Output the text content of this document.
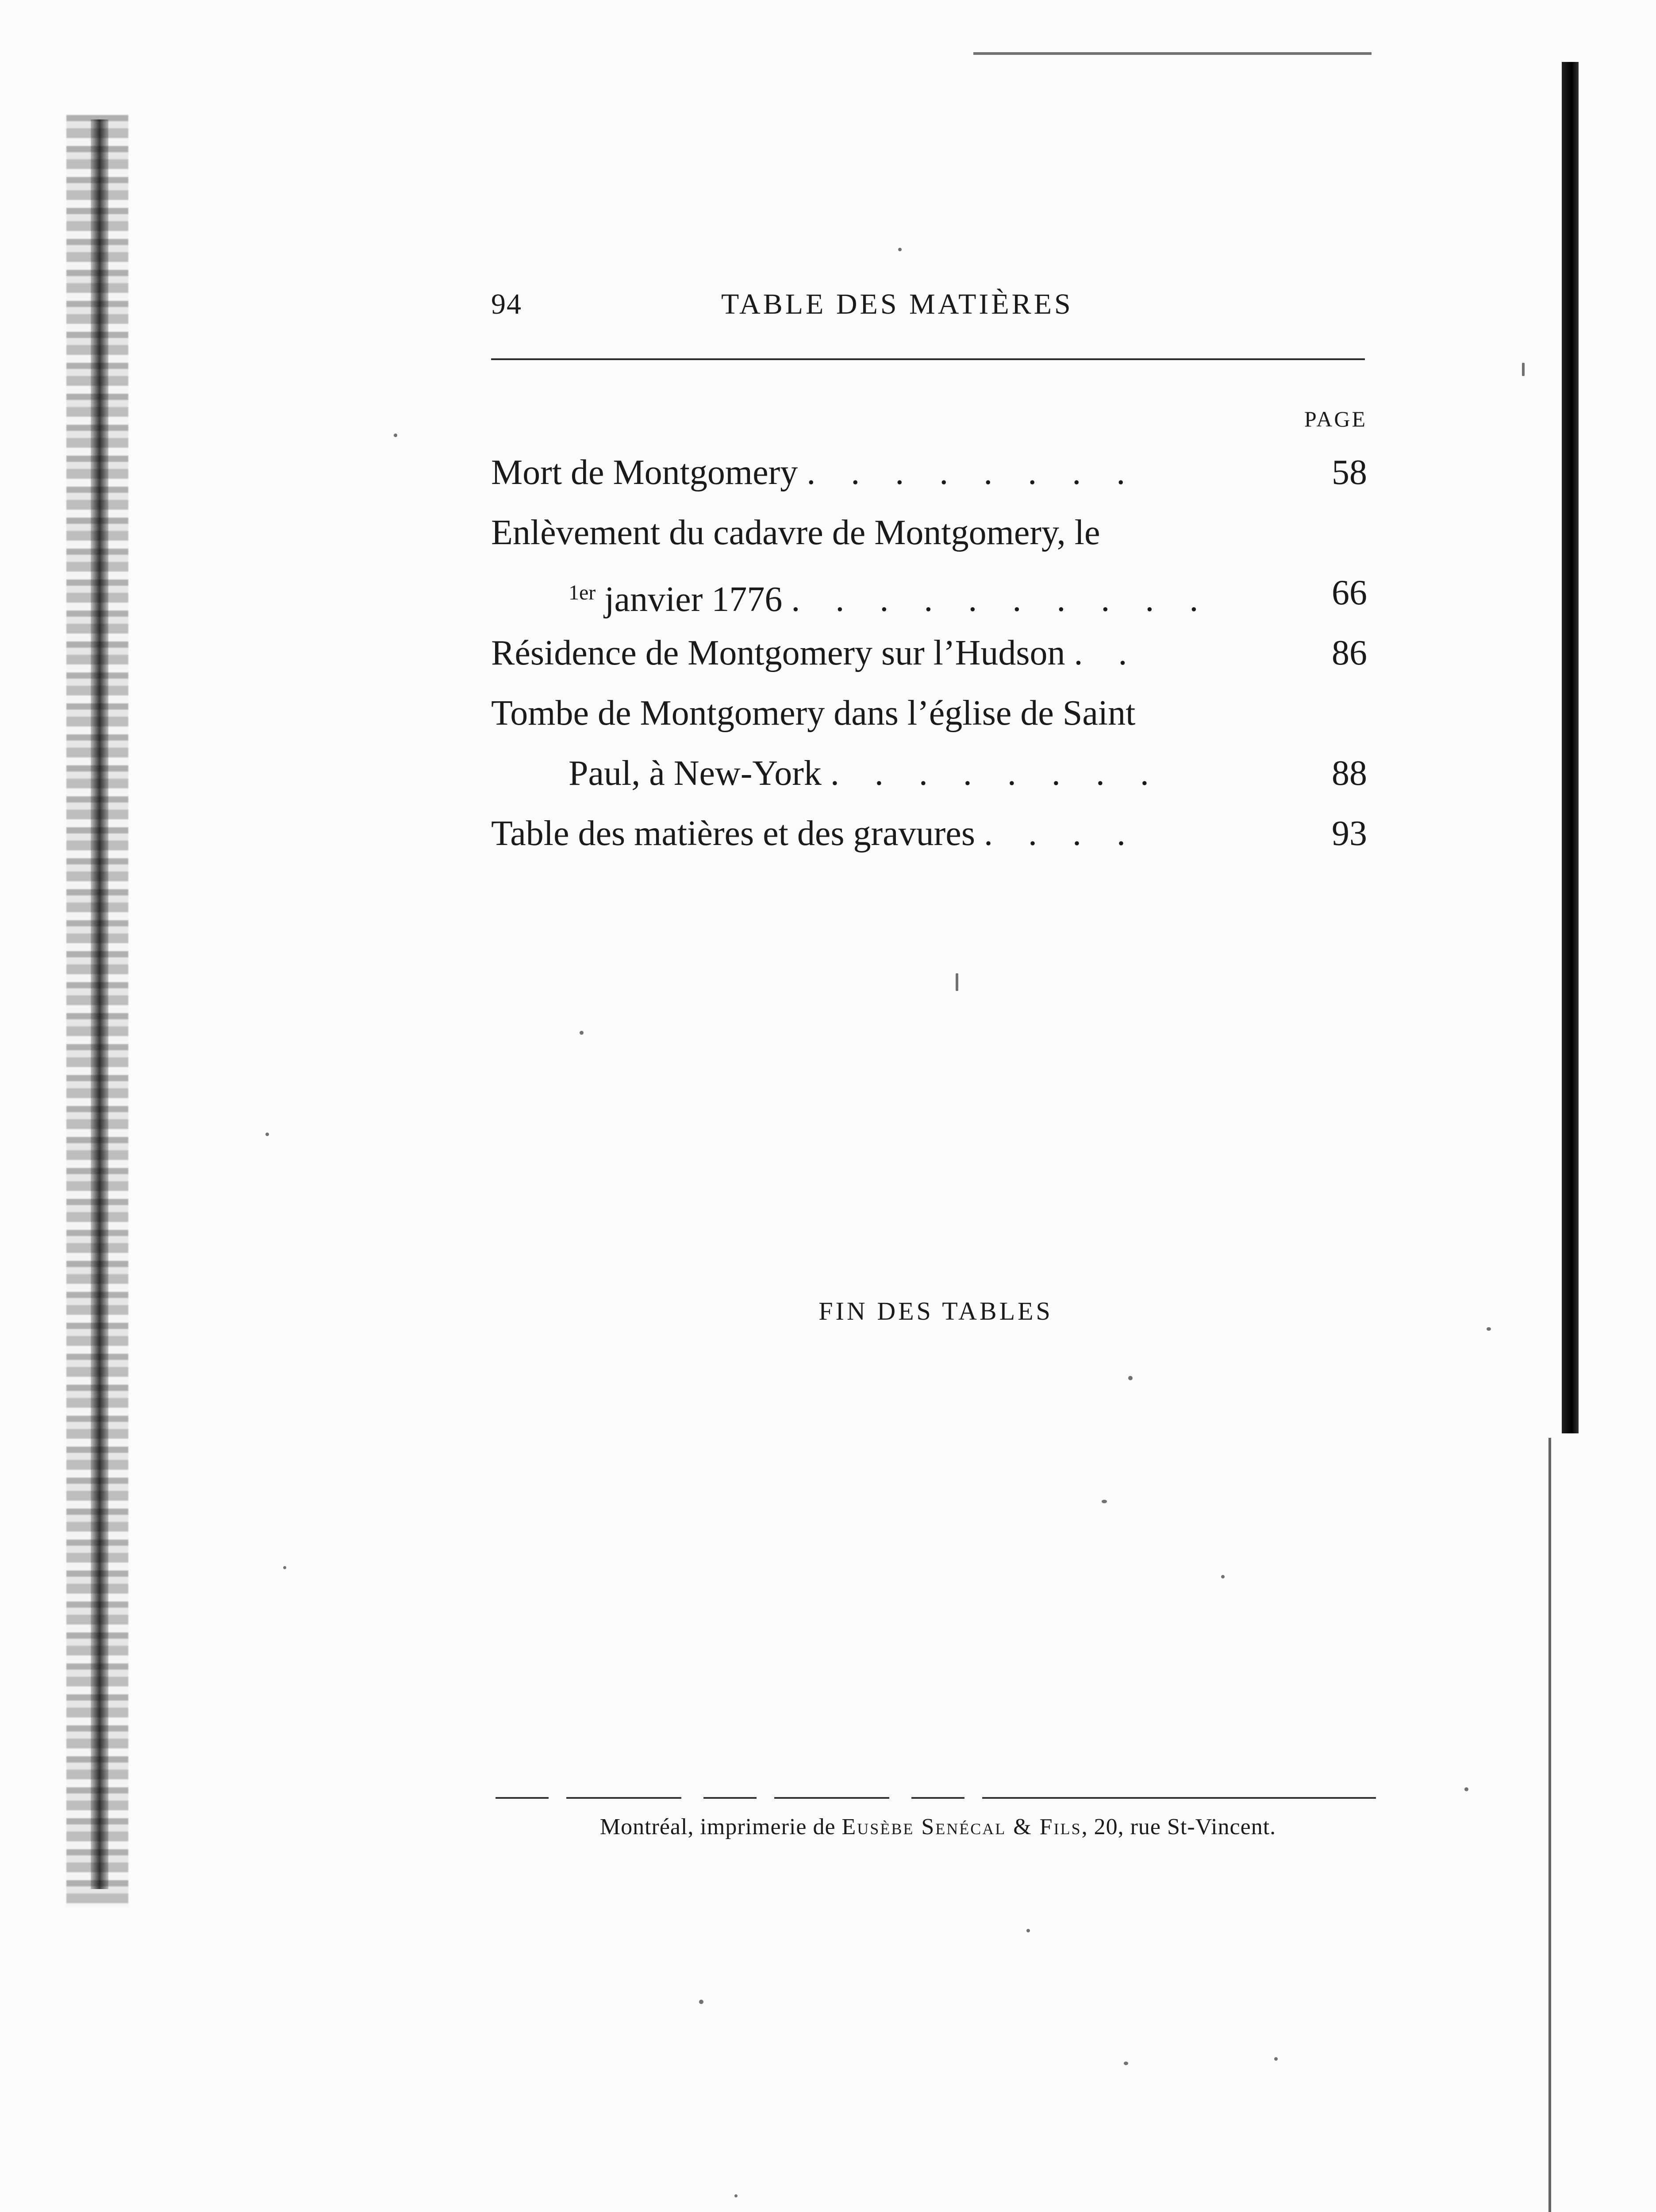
94	TABLE DES MATIÈRES
PAGE
Mort de Montgomery . . . . . . . .	58
Enlèvement du cadavre de Montgomery, le
$^{1er}$ janvier 1776 . . . . . . . . . .	66
Résidence de Montgomery sur l’Hudson . .	86
Tombe de Montgomery dans l’église de Saint
Paul, à New-York . . . . . . . .	88
Table des matières et des gravures . . . .	93
FIN DES TABLES
Montréal, imprimerie de Eusèbe Senécal & Fils, 20, rue St-Vincent.
